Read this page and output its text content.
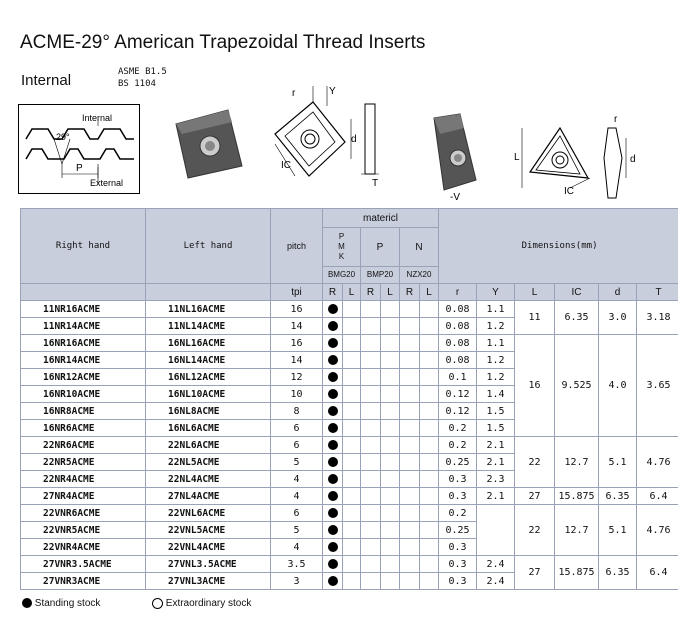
ACME-29° American Trapezoidal Thread Inserts
Internal	ASME B1.5
BS 1104
Internal
29°
P
External
r	Y
d
IC
T
-V
L
IC
r
d
Right hand	Left hand	pitch	matericl						Dimensions(mm)					

			P
M
K		P		N							
			BMG20		BMP20		NZX20							
		tpi	R	L	R	L	R	L	r	Y	L	IC	d	T
11NR16ACME	11NL16ACME	16							0.08	1.1	11	6.35	3.0	3.18
11NR14ACME	11NL14ACME	14							0.08	1.2				
16NR16ACME	16NL16ACME	16							0.08	1.1	16	9.525	4.0	3.65
16NR14ACME	16NL14ACME	14							0.08	1.2				
16NR12ACME	16NL12ACME	12							0.1	1.2				
16NR10ACME	16NL10ACME	10							0.12	1.4				
16NR8ACME	16NL8ACME	8							0.12	1.5				
16NR6ACME	16NL6ACME	6							0.2	1.5				
22NR6ACME	22NL6ACME	6							0.2	2.1	22	12.7	5.1	4.76
22NR5ACME	22NL5ACME	5							0.25	2.1				
22NR4ACME	22NL4ACME	4							0.3	2.3				
27NR4ACME	27NL4ACME	4							0.3	2.1	27	15.875	6.35	6.4
22VNR6ACME	22VNL6ACME	6							0.2		22	12.7	5.1	4.76
22VNR5ACME	22VNL5ACME	5							0.25					
22VNR4ACME	22VNL4ACME	4							0.3					
27VNR3.5ACME	27VNL3.5ACME	3.5							0.3	2.4	27	15.875	6.35	6.4
27VNR3ACME	27VNL3ACME	3							0.3	2.4				
Standing stock	Extraordinary stock
